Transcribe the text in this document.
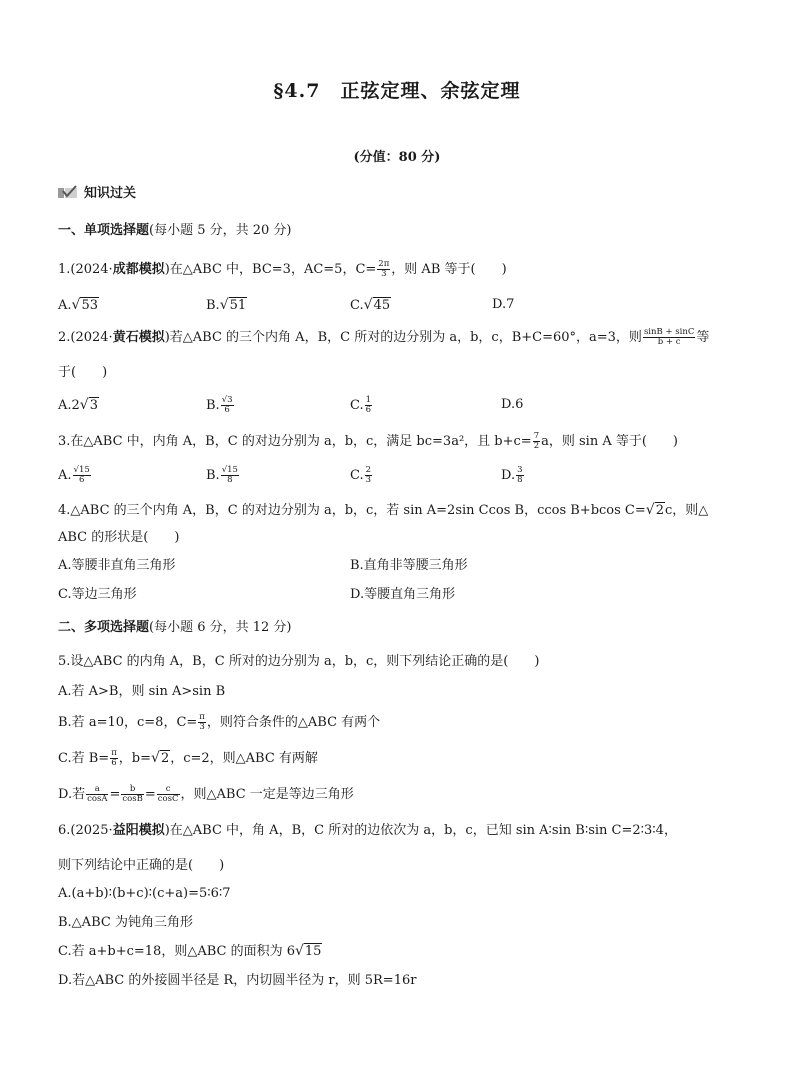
§4.7　正弦定理、余弦定理
(分值：80 分)
知识过关
一、单项选择题(每小题 5 分，共 20 分)
1.(2024·成都模拟)在△ABC 中，BC=3，AC=5，$C= \frac{2\pi}{3}$ ，则 AB 等于(　　)
A.√53	B.√51	C.√45	D.7
2.(2024·黄石模拟)若△ABC 的三个内角 A，B，C 所对的边分别为 a，b，c，B+C=60°，a=3，则 $\frac{\sin B + \sin C}{b + c}$ 等
于(　　)
A.2√3	B. $\frac{√3}{6}$	C. $\frac{1}{6}$	D.6
3.在△ABC 中，内角 A，B，C 的对边分别为 a，b，c，满足 bc=3a²，且 $b+c= \frac{7}{2}$ a，则 sin A 等于(　　)
A. $\frac{√15}{6}$	B. $\frac{√15}{8}$	C. $\frac{2}{3}$	D. $\frac{3}{8}$
4.△ABC 的三个内角 A，B，C 的对边分别为 a，b，c，若 sin A=2sin Ccos B，ccos B+bcos C=√2c，则△
ABC 的形状是(　　)
A.等腰非直角三角形	B.直角非等腰三角形
C.等边三角形	D.等腰直角三角形
二、多项选择题(每小题 6 分，共 12 分)
5.设△ABC 的内角 A，B，C 所对的边分别为 a，b，c，则下列结论正确的是(　　)
A.若 A>B，则 sin A>sin B
B.若 a=10，c=8，$C= \frac{\pi}{3}$ ，则符合条件的△ABC 有两个
C.若 $B= \frac{\pi}{6}$ ，b=√2，c=2，则△ABC 有两解
D.若 $\frac{a}{\cos A} = \frac{b}{\cos B} = \frac{c}{\cos C}$ ，则△ABC 一定是等边三角形
6.(2025·益阳模拟)在△ABC 中，角 A，B，C 所对的边依次为 a，b，c，已知 sin A∶sin B∶sin C=2∶3∶4，
则下列结论中正确的是(　　)
A.(a+b)∶(b+c)∶(c+a)=5∶6∶7
B.△ABC 为钝角三角形
C.若 a+b+c=18，则△ABC 的面积为 6√15
D.若△ABC 的外接圆半径是 R，内切圆半径为 r，则 5R=16r
